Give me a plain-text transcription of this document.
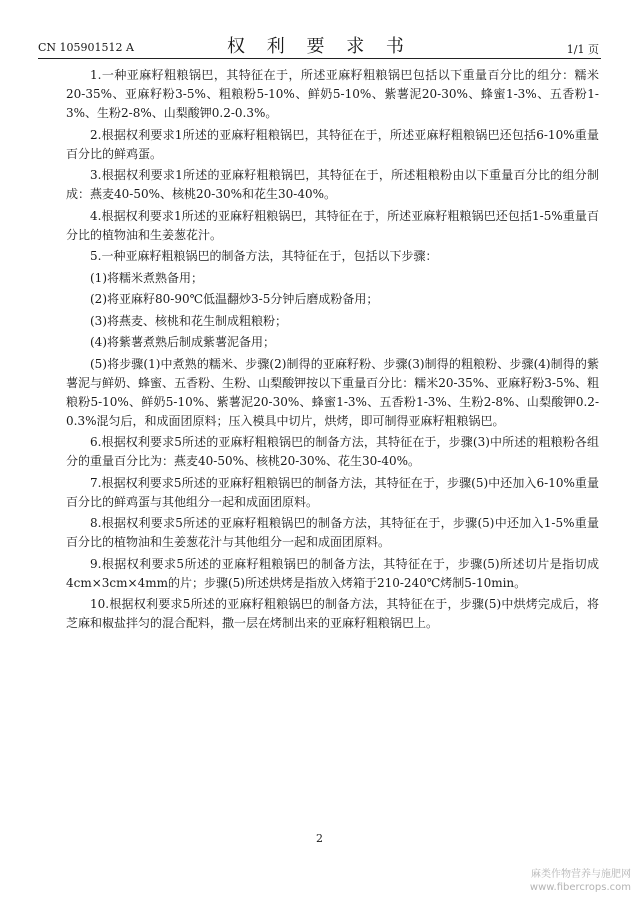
CN 105901512 A	权 利 要 求 书	1/1 页

1.一种亚麻籽粗粮锅巴，其特征在于，所述亚麻籽粗粮锅巴包括以下重量百分比的组分：糯米20-35%、亚麻籽粉3-5%、粗粮粉5-10%、鲜奶5-10%、紫薯泥20-30%、蜂蜜1-3%、五香粉1-3%、生粉2-8%、山梨酸钾0.2-0.3%。

2.根据权利要求1所述的亚麻籽粗粮锅巴，其特征在于，所述亚麻籽粗粮锅巴还包括6-10%重量百分比的鲜鸡蛋。

3.根据权利要求1所述的亚麻籽粗粮锅巴，其特征在于，所述粗粮粉由以下重量百分比的组分制成：燕麦40-50%、核桃20-30%和花生30-40%。

4.根据权利要求1所述的亚麻籽粗粮锅巴，其特征在于，所述亚麻籽粗粮锅巴还包括1-5%重量百分比的植物油和生姜葱花汁。

5.一种亚麻籽粗粮锅巴的制备方法，其特征在于，包括以下步骤：

(1)将糯米煮熟备用；

(2)将亚麻籽80-90℃低温翻炒3-5分钟后磨成粉备用；

(3)将燕麦、核桃和花生制成粗粮粉；

(4)将紫薯煮熟后制成紫薯泥备用；

(5)将步骤(1)中煮熟的糯米、步骤(2)制得的亚麻籽粉、步骤(3)制得的粗粮粉、步骤(4)制得的紫薯泥与鲜奶、蜂蜜、五香粉、生粉、山梨酸钾按以下重量百分比：糯米20-35%、亚麻籽粉3-5%、粗粮粉5-10%、鲜奶5-10%、紫薯泥20-30%、蜂蜜1-3%、五香粉1-3%、生粉2-8%、山梨酸钾0.2-0.3%混匀后，和成面团原料；压入模具中切片，烘烤，即可制得亚麻籽粗粮锅巴。

6.根据权利要求5所述的亚麻籽粗粮锅巴的制备方法，其特征在于，步骤(3)中所述的粗粮粉各组分的重量百分比为：燕麦40-50%、核桃20-30%、花生30-40%。

7.根据权利要求5所述的亚麻籽粗粮锅巴的制备方法，其特征在于，步骤(5)中还加入6-10%重量百分比的鲜鸡蛋与其他组分一起和成面团原料。

8.根据权利要求5所述的亚麻籽粗粮锅巴的制备方法，其特征在于，步骤(5)中还加入1-5%重量百分比的植物油和生姜葱花汁与其他组分一起和成面团原料。

9.根据权利要求5所述的亚麻籽粗粮锅巴的制备方法，其特征在于，步骤(5)所述切片是指切成4cm×3cm×4mm的片；步骤(5)所述烘烤是指放入烤箱于210-240℃烤制5-10min。

10.根据权利要求5所述的亚麻籽粗粮锅巴的制备方法，其特征在于，步骤(5)中烘烤完成后，将芝麻和椒盐拌匀的混合配料，撒一层在烤制出来的亚麻籽粗粮锅巴上。

2
麻类作物营养与施肥网
www.fibercrops.com
